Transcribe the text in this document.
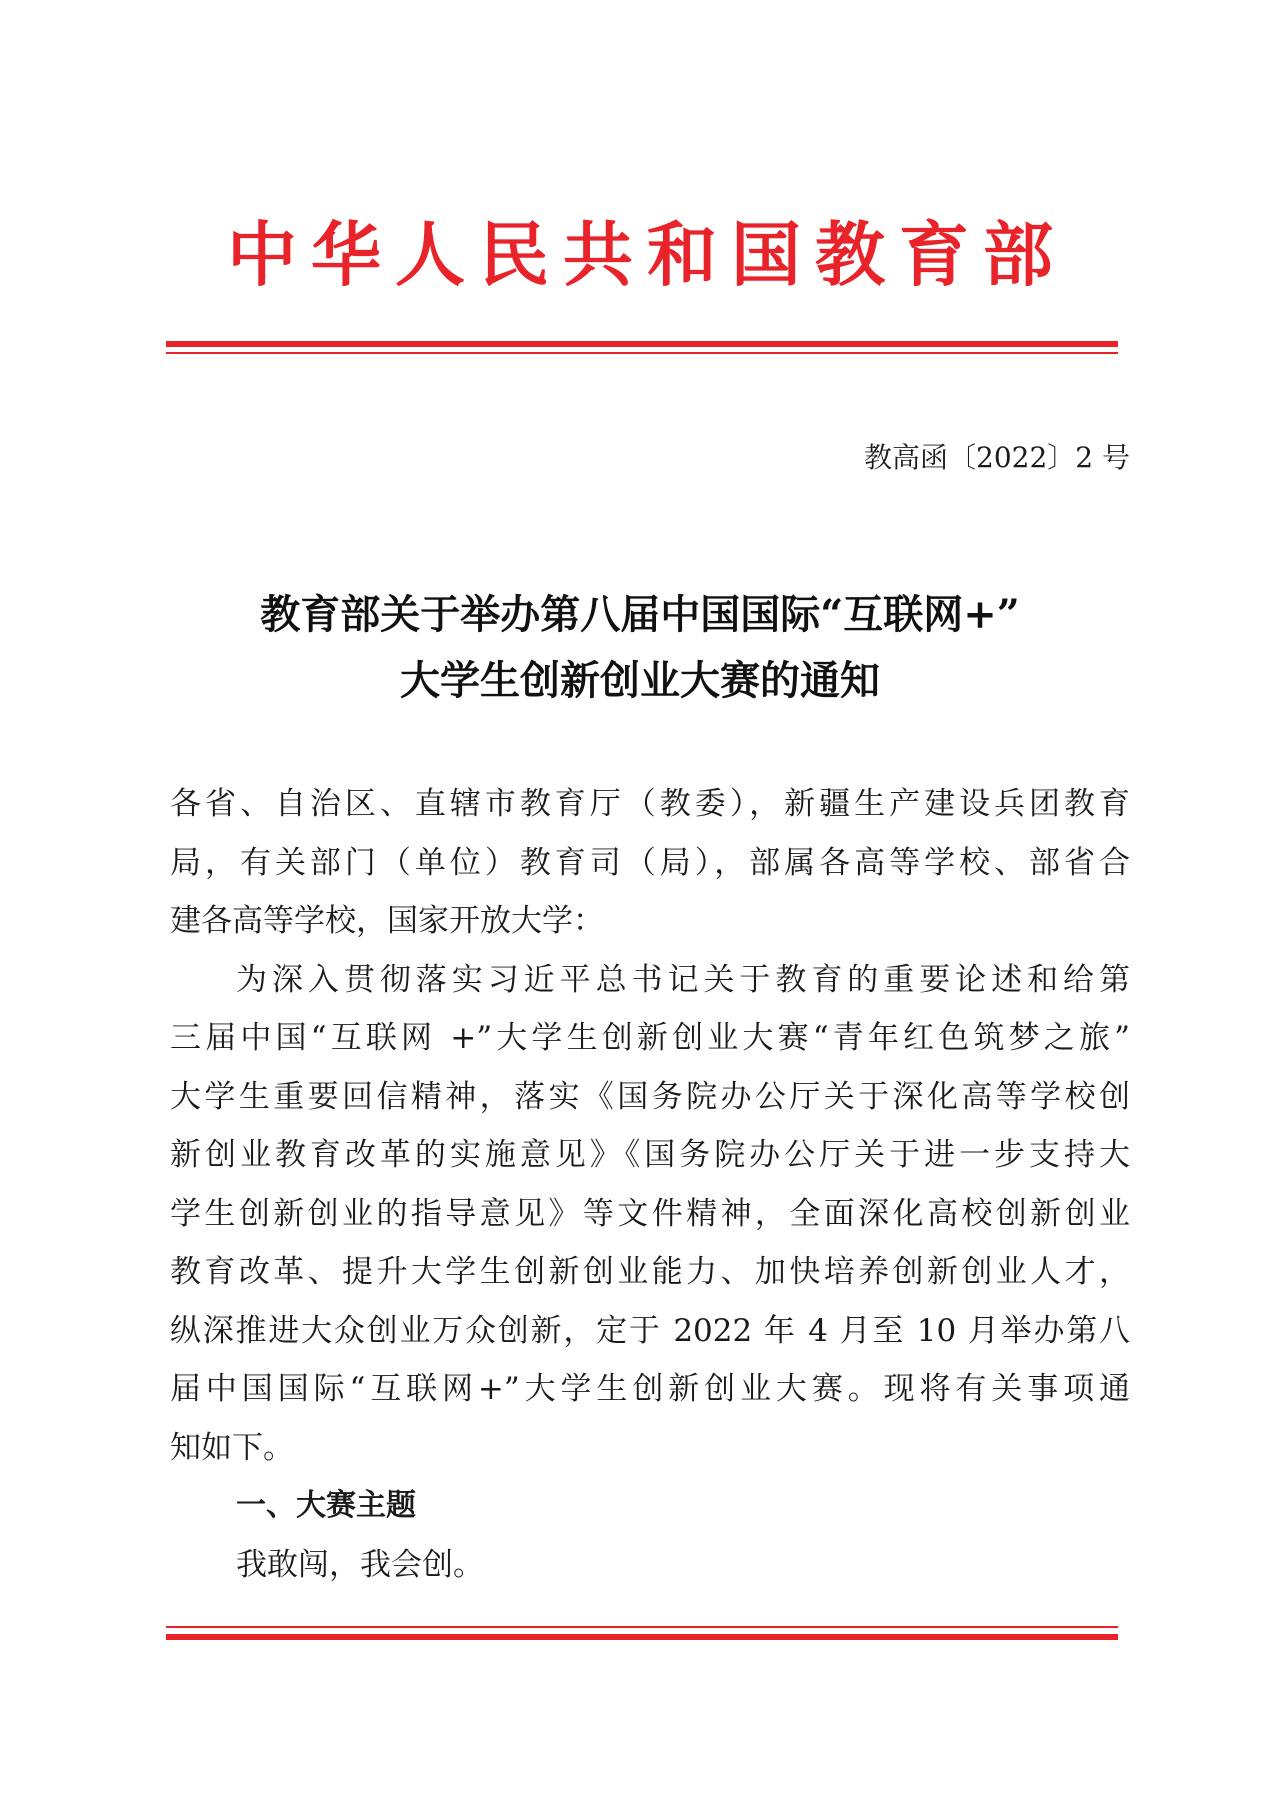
中华人民共和国教育部
教高函〔2022〕2 号
教育部关于举办第八届中国国际“互联网+”
大学生创新创业大赛的通知
各省、自治区、直辖市教育厅（教委），新疆生产建设兵团教育
局，有关部门（单位）教育司（局），部属各高等学校、部省合
建各高等学校，国家开放大学：
为深入贯彻落实习近平总书记关于教育的重要论述和给第
三届中国“互联网 +”大学生创新创业大赛“青年红色筑梦之旅”
大学生重要回信精神，落实《国务院办公厅关于深化高等学校创
新创业教育改革的实施意见》《国务院办公厅关于进一步支持大
学生创新创业的指导意见》等文件精神，全面深化高校创新创业
教育改革、提升大学生创新创业能力、加快培养创新创业人才，
纵深推进大众创业万众创新，定于 2022 年 4 月至 10 月举办第八
届中国国际“互联网+”大学生创新创业大赛。现将有关事项通
知如下。
一、大赛主题
我敢闯，我会创。
